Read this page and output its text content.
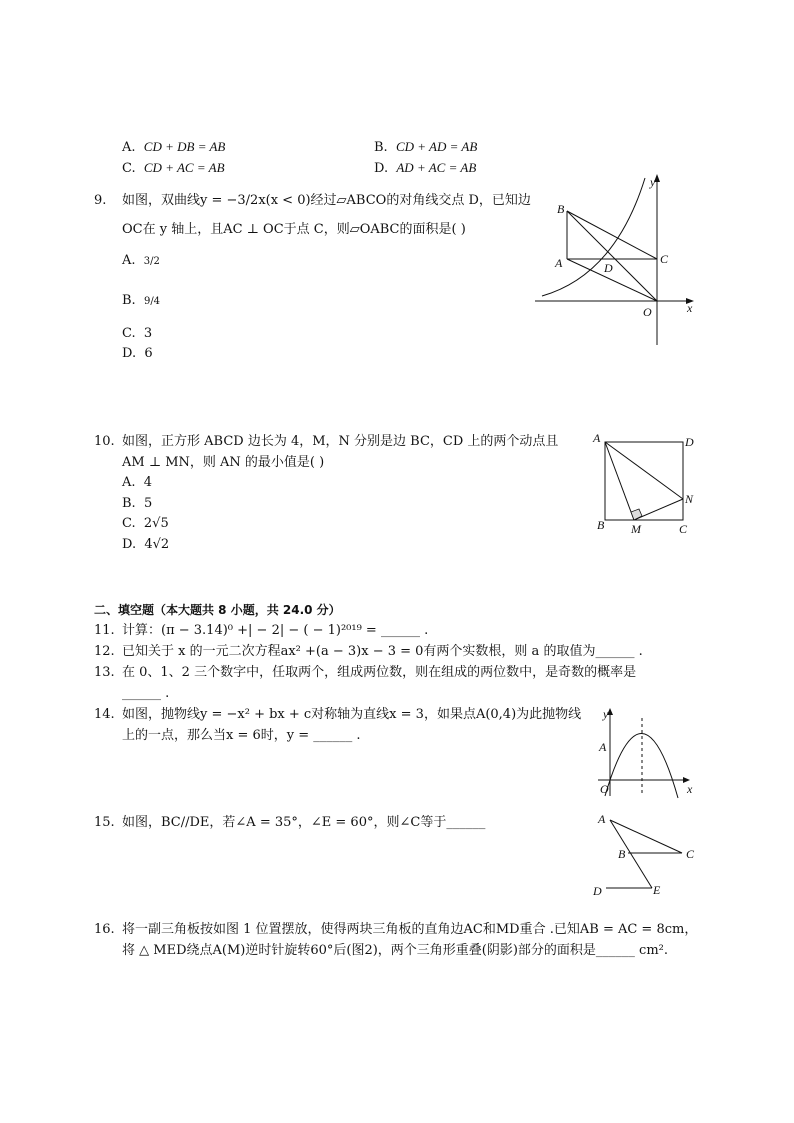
A. CD + DB = AB	B. CD + AD = AB
C. CD + AC = AB	D. AD + AC = AB
9. 如图，双曲线y = −3/2x(x < 0)经过▱ABCO的对角线交点 D，已知边
OC在 y 轴上，且AC ⊥ OC于点 C，则▱OABC的面积是( )
A. 3/2
B. 9/4
C. 3
D. 6
y
x
B
A	D
C
O
10. 如图，正方形 ABCD 边长为 4，M，N 分别是边 BC，CD 上的两个动点且
AM ⊥ MN，则 AN 的最小值是( )
A. 4
B. 5
C. 2√5
D. 4√2
A	D
N
B M	C
二、填空题（本大题共 8 小题，共 24.0 分）
11. 计算：(π − 3.14)⁰ +| − 2| − ( − 1)²⁰¹⁹ = ______ .
12. 已知关于 x 的一元二次方程ax² +(a − 3)x − 3 = 0有两个实数根，则 a 的取值为______ .
13. 在 0、1、2 三个数字中，任取两个，组成两位数，则在组成的两位数中，是奇数的概率是
______ .
14. 如图，抛物线y = −x² + bx + c对称轴为直线x = 3，如果点A(0,4)为此抛物线
上的一点，那么当x = 6时，y = ______ .
y
A
O	x
15. 如图，BC//DE，若∠A = 35°，∠E = 60°，则∠C等于______	A
B	C
D	E
16. 将一副三角板按如图 1 位置摆放，使得两块三角板的直角边AC和MD重合 .已知AB = AC = 8cm，
将 △ MED绕点A(M)逆时针旋转60°后(图2)，两个三角形重叠(阴影)部分的面积是______ cm².
